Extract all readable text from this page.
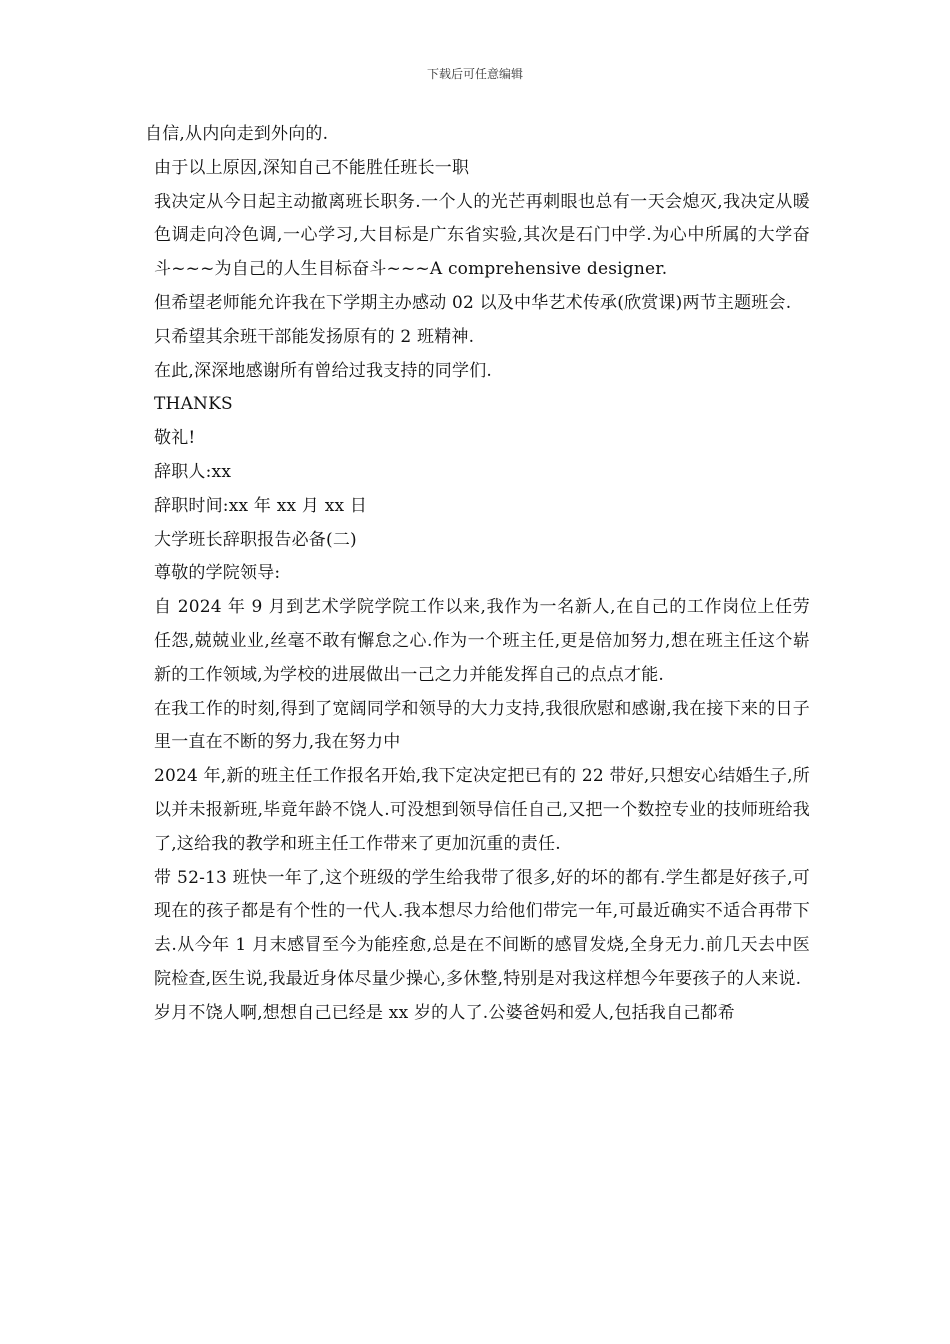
下载后可任意编辑

自信,从内向走到外向的.

由于以上原因,深知自己不能胜任班长一职

我决定从今日起主动撤离班长职务.一个人的光芒再刺眼也总有一天会熄灭,我决定从暖色调走向冷色调,一心学习,大目标是广东省实验,其次是石门中学.为心中所属的大学奋斗~~~为自己的人生目标奋斗~~~A comprehensive designer.

但希望老师能允许我在下学期主办感动 02 以及中华艺术传承(欣赏课)两节主题班会.

只希望其余班干部能发扬原有的 2 班精神.

在此,深深地感谢所有曾给过我支持的同学们.

THANKS

敬礼!

辞职人:xx

辞职时间:xx 年 xx 月 xx 日

大学班长辞职报告必备(二)

尊敬的学院领导:

自 2024 年 9 月到艺术学院学院工作以来,我作为一名新人,在自己的工作岗位上任劳任怨,兢兢业业,丝毫不敢有懈怠之心.作为一个班主任,更是倍加努力,想在班主任这个崭新的工作领域,为学校的进展做出一己之力并能发挥自己的点点才能.

在我工作的时刻,得到了宽阔同学和领导的大力支持,我很欣慰和感谢,我在接下来的日子里一直在不断的努力,我在努力中

2024 年,新的班主任工作报名开始,我下定决定把已有的 22 带好,只想安心结婚生子,所以并未报新班,毕竟年龄不饶人.可没想到领导信任自己,又把一个数控专业的技师班给我了,这给我的教学和班主任工作带来了更加沉重的责任.

带 52-13 班快一年了,这个班级的学生给我带了很多,好的坏的都有.学生都是好孩子,可现在的孩子都是有个性的一代人.我本想尽力给他们带完一年,可最近确实不适合再带下去.从今年 1 月末感冒至今为能痊愈,总是在不间断的感冒发烧,全身无力.前几天去中医院检查,医生说,我最近身体尽量少操心,多休整,特别是对我这样想今年要孩子的人来说.

岁月不饶人啊,想想自己已经是 xx 岁的人了.公婆爸妈和爱人,包括我自己都希
